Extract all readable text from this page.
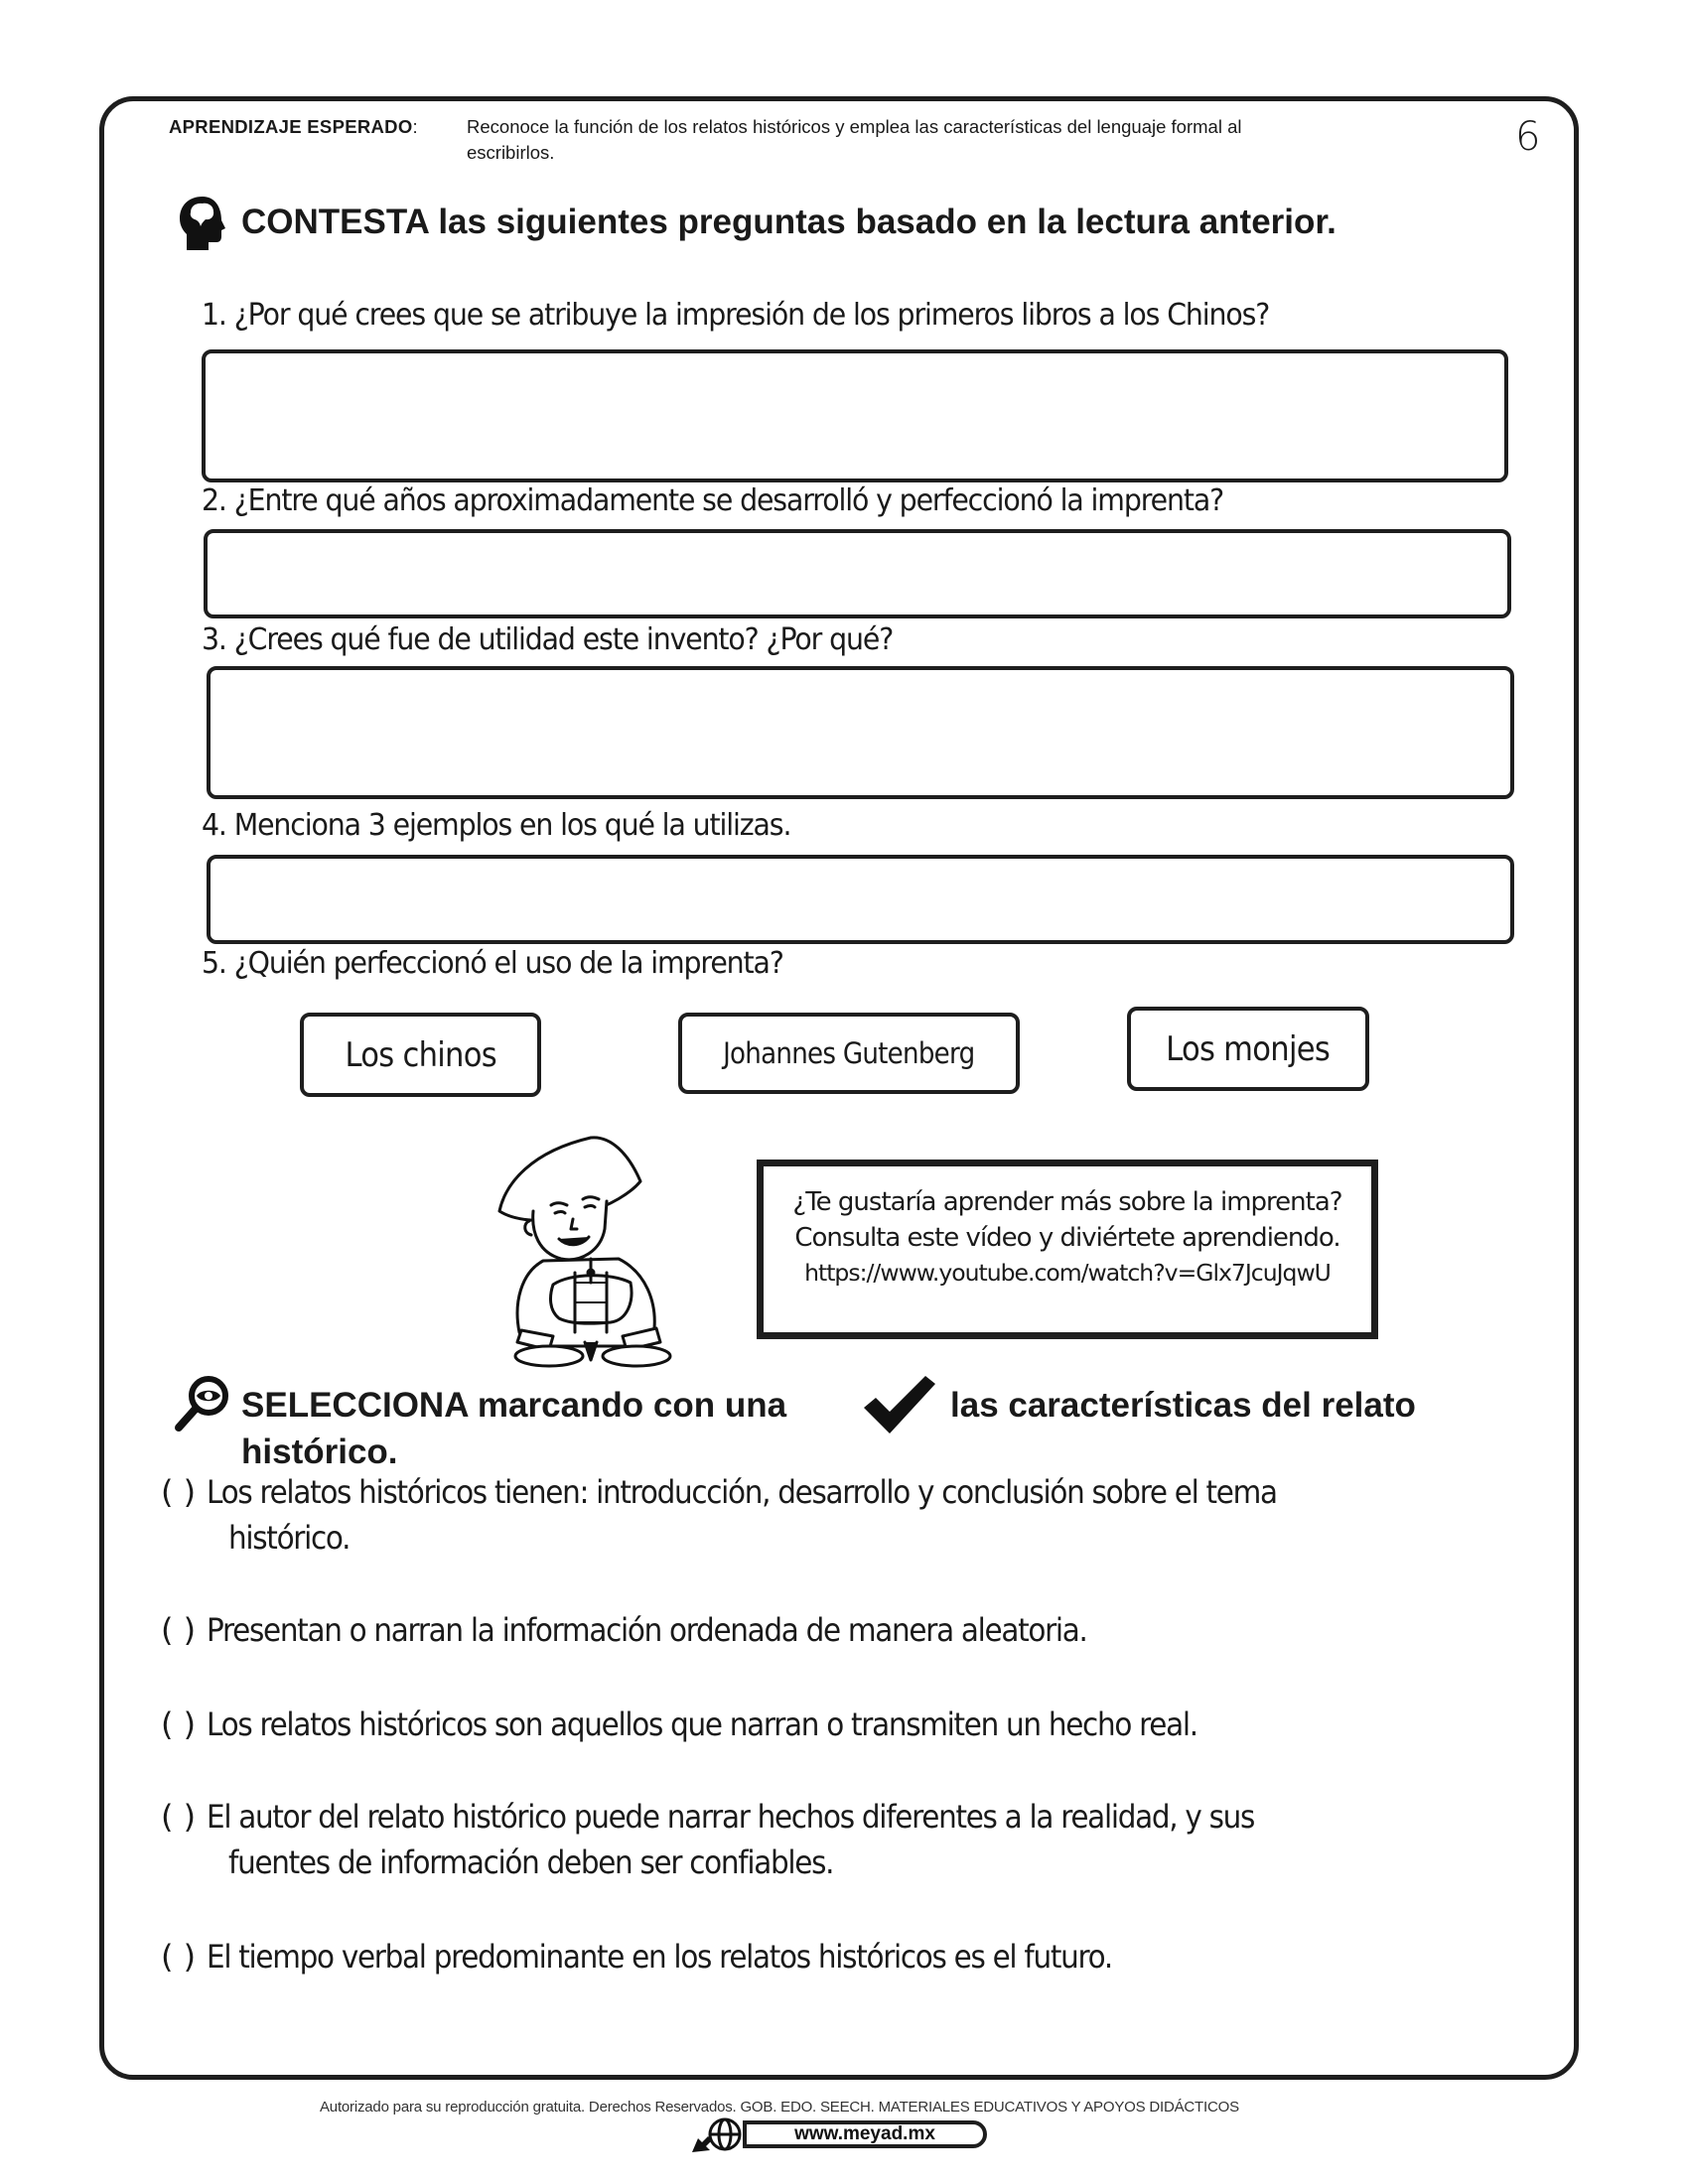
APRENDIZAJE ESPERADO:	Reconoce la función de los relatos históricos y emplea las características del lenguaje formal al
escribirlos.	6
CONTESTA las siguientes preguntas basado en la lectura anterior.
1. ¿Por qué crees que se atribuye la impresión de los primeros libros a los Chinos?
2. ¿Entre qué años aproximadamente se desarrolló y perfeccionó la imprenta?
3. ¿Crees qué fue de utilidad este invento? ¿Por qué?
4. Menciona 3 ejemplos en los qué la utilizas.
5. ¿Quién perfeccionó el uso de la imprenta?
Los chinos	Johannes Gutenberg	Los monjes
¿Te gustaría aprender más sobre la imprenta?
Consulta este vídeo y diviértete aprendiendo.
https://www.youtube.com/watch?v=Glx7JcuJqwU
SELECCIONA marcando con una	las características del relato
histórico.
( ) Los relatos históricos tienen: introducción, desarrollo y conclusión sobre el tema
histórico.
( ) Presentan o narran la información ordenada de manera aleatoria.
( ) Los relatos históricos son aquellos que narran o transmiten un hecho real.
( ) El autor del relato histórico puede narrar hechos diferentes a la realidad, y sus
fuentes de información deben ser confiables.
( ) El tiempo verbal predominante en los relatos históricos es el futuro.
Autorizado para su reproducción gratuita. Derechos Reservados. GOB. EDO. SEECH. MATERIALES EDUCATIVOS Y APOYOS DIDÁCTICOS
www.meyad.mx
